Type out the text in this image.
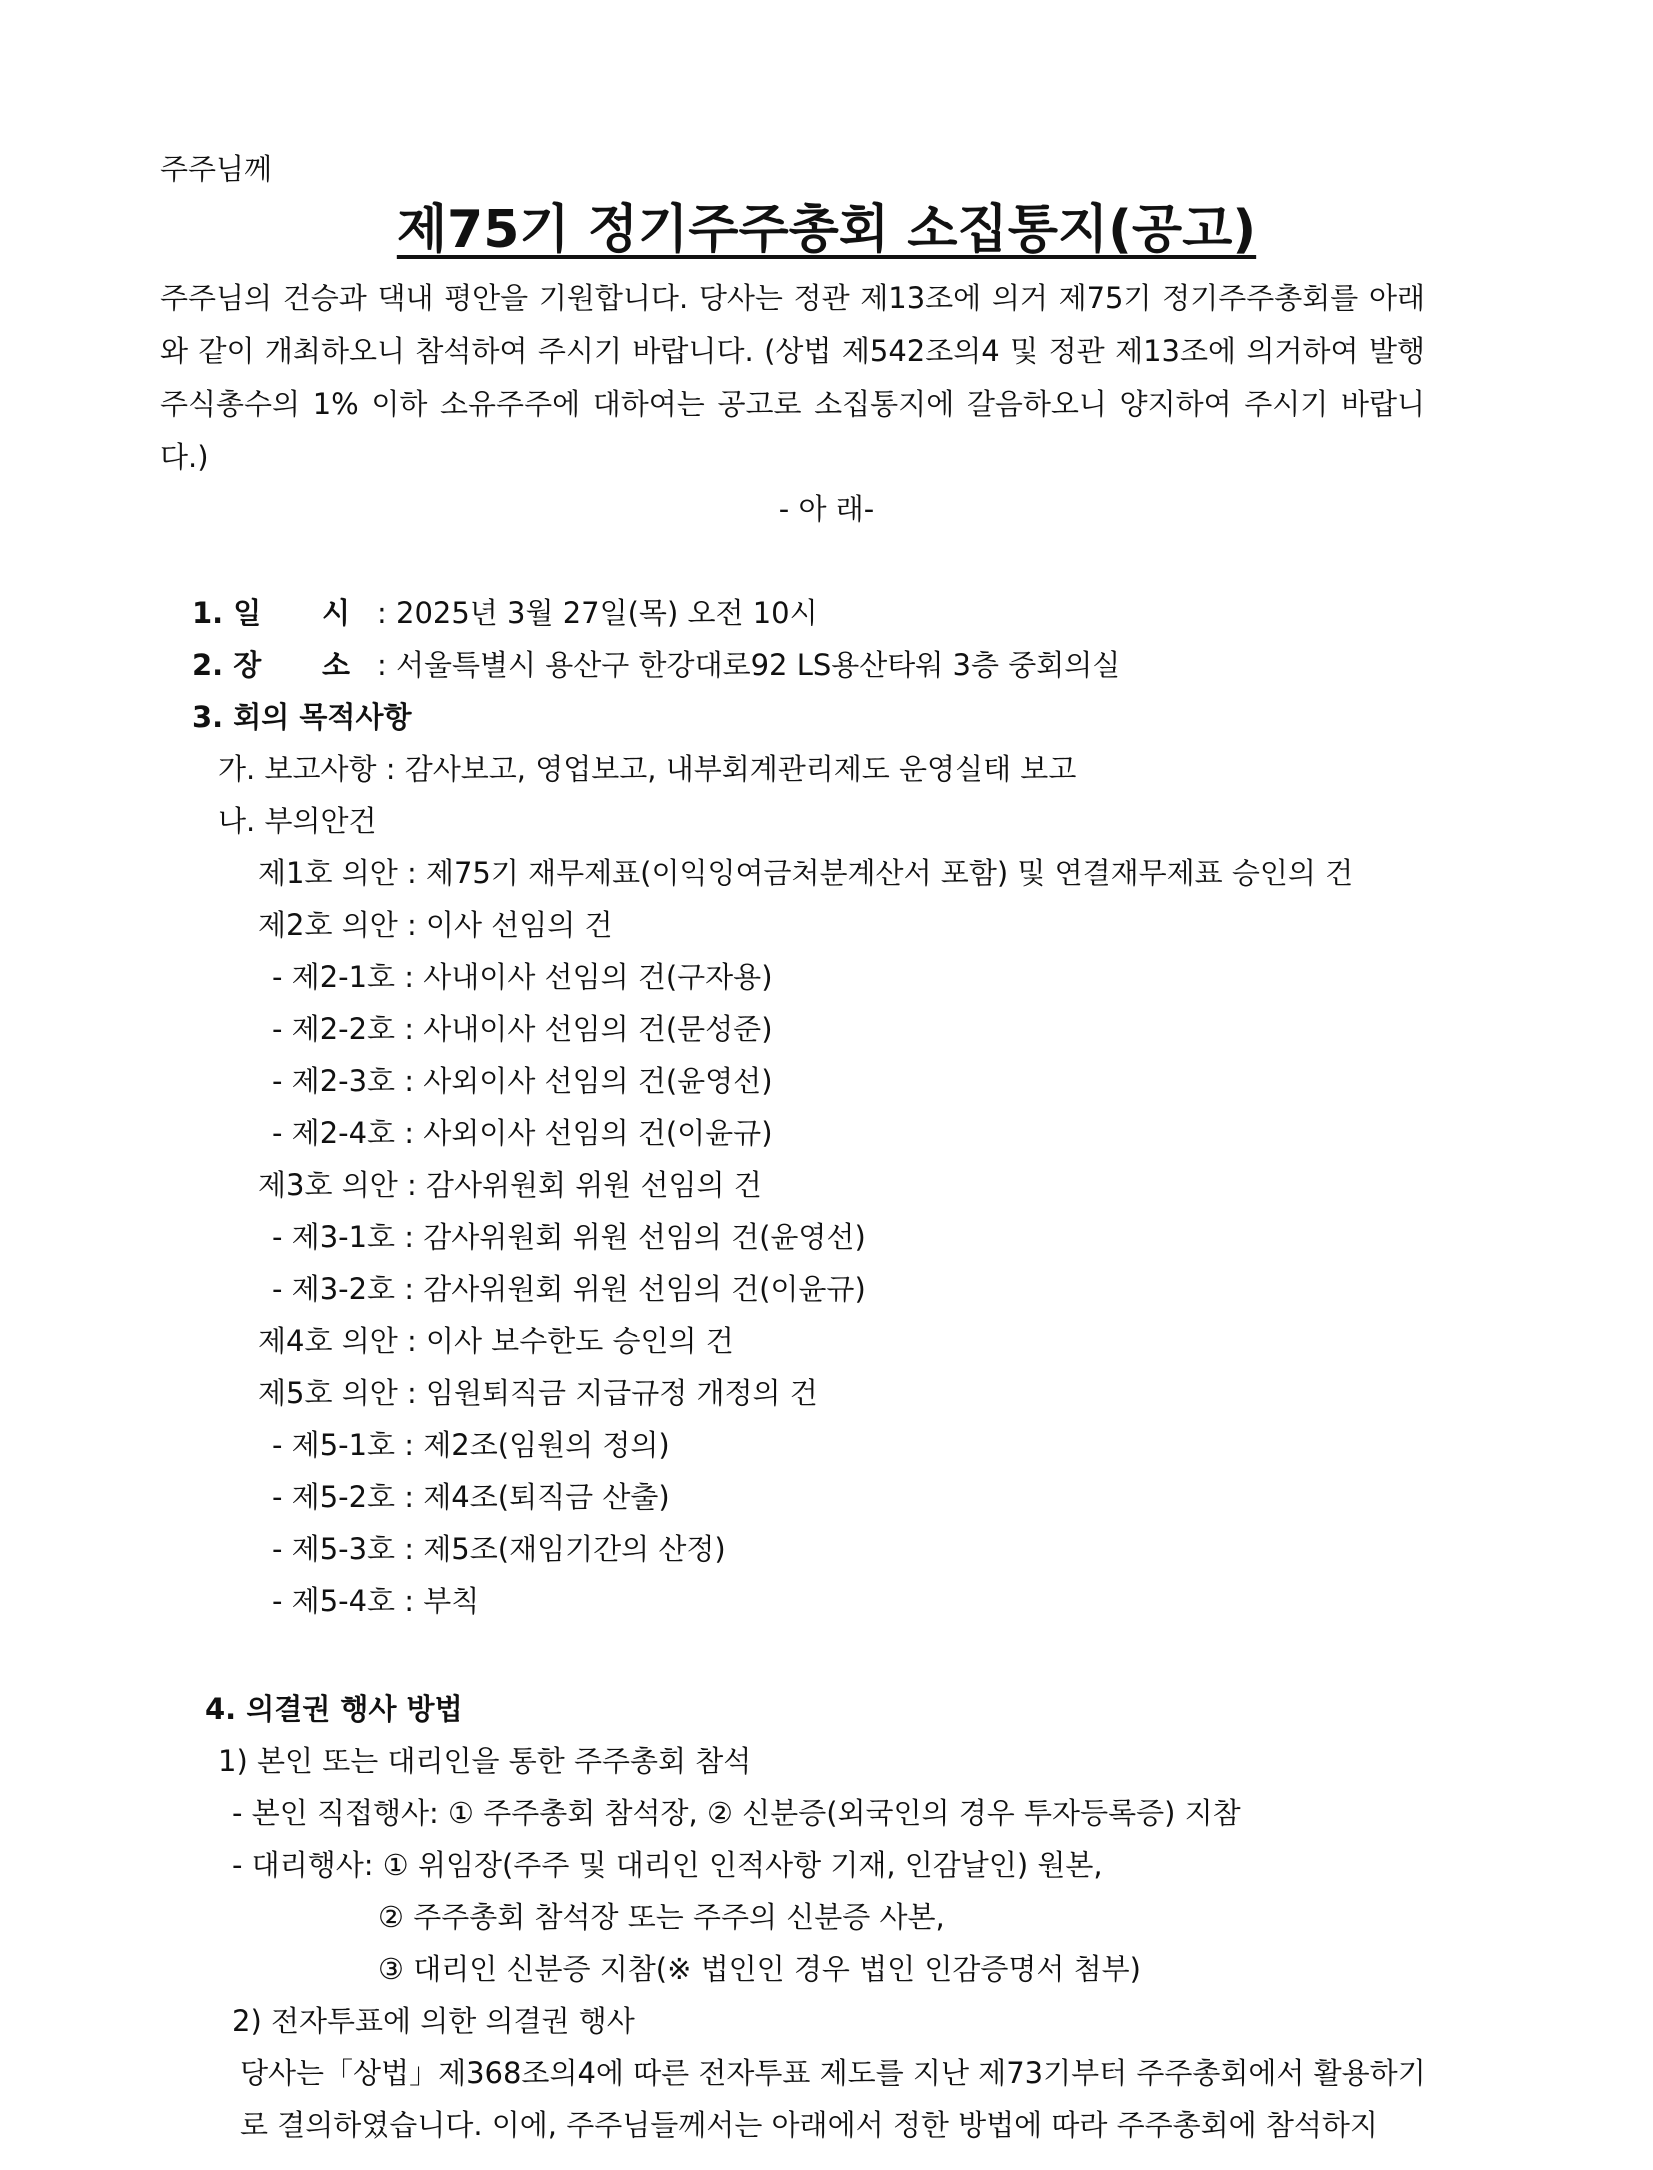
주주님께
제75기 정기주주총회 소집통지(공고)
주주님의 건승과 댁내 평안을 기원합니다. 당사는 정관 제13조에 의거 제75기 정기주주총회를 아래와 같이 개최하오니 참석하여 주시기 바랍니다. (상법 제542조의4 및 정관 제13조에 의거하여 발행주식총수의 1% 이하 소유주주에 대하여는 공고로 소집통지에 갈음하오니 양지하여 주시기 바랍니다.)
- 아 래-
1. 일 시 : 2025년 3월 27일(목) 오전 10시
2. 장 소 : 서울특별시 용산구 한강대로92 LS용산타워 3층 중회의실
3. 회의 목적사항
가. 보고사항 : 감사보고, 영업보고, 내부회계관리제도 운영실태 보고
나. 부의안건
제1호 의안 : 제75기 재무제표(이익잉여금처분계산서 포함) 및 연결재무제표 승인의 건
제2호 의안 : 이사 선임의 건
- 제2-1호 : 사내이사 선임의 건(구자용)
- 제2-2호 : 사내이사 선임의 건(문성준)
- 제2-3호 : 사외이사 선임의 건(윤영선)
- 제2-4호 : 사외이사 선임의 건(이윤규)
제3호 의안 : 감사위원회 위원 선임의 건
- 제3-1호 : 감사위원회 위원 선임의 건(윤영선)
- 제3-2호 : 감사위원회 위원 선임의 건(이윤규)
제4호 의안 : 이사 보수한도 승인의 건
제5호 의안 : 임원퇴직금 지급규정 개정의 건
- 제5-1호 : 제2조(임원의 정의)
- 제5-2호 : 제4조(퇴직금 산출)
- 제5-3호 : 제5조(재임기간의 산정)
- 제5-4호 : 부칙
4. 의결권 행사 방법
1) 본인 또는 대리인을 통한 주주총회 참석
- 본인 직접행사: ① 주주총회 참석장, ② 신분증(외국인의 경우 투자등록증) 지참
- 대리행사: ① 위임장(주주 및 대리인 인적사항 기재, 인감날인) 원본,
② 주주총회 참석장 또는 주주의 신분증 사본,
③ 대리인 신분증 지참(※ 법인인 경우 법인 인감증명서 첨부)
2) 전자투표에 의한 의결권 행사
당사는「상법」제368조의4에 따른 전자투표 제도를 지난 제73기부터 주주총회에서 활용하기
로 결의하였습니다. 이에, 주주님들께서는 아래에서 정한 방법에 따라 주주총회에 참석하지
